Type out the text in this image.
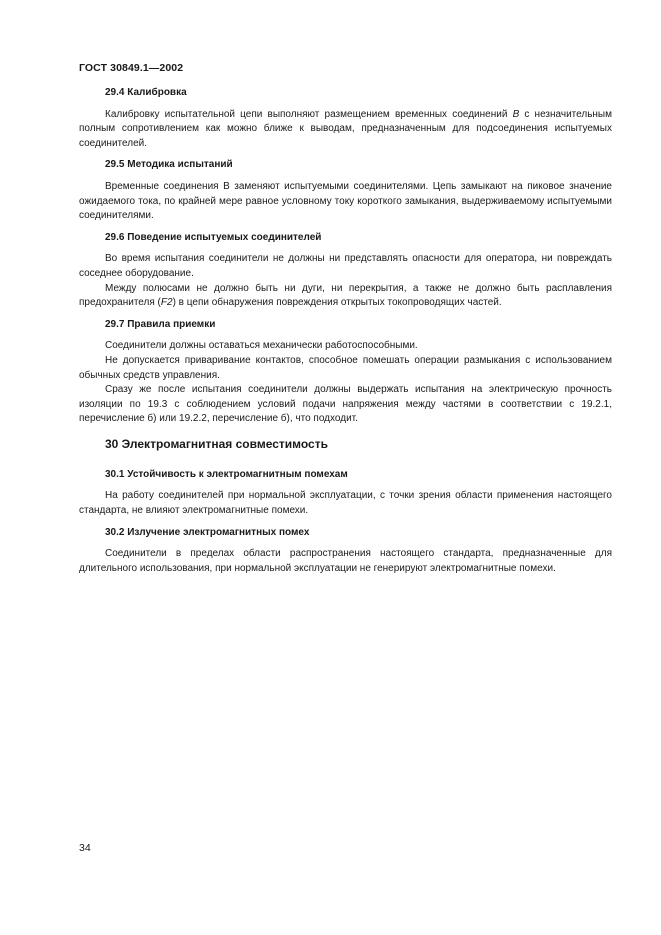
ГОСТ 30849.1—2002
29.4 Калибровка

Калибровку испытательной цепи выполняют размещением временных соединений B с незначительным полным сопротивлением как можно ближе к выводам, предназначенным для подсоединения испытуемых соединителей.

29.5 Методика испытаний

Временные соединения В заменяют испытуемыми соединителями. Цепь замыкают на пиковое значение ожидаемого тока, по крайней мере равное условному току короткого замыкания, выдерживаемому испытуемыми соединителями.

29.6 Поведение испытуемых соединителей

Во время испытания соединители не должны ни представлять опасности для оператора, ни повреждать соседнее оборудование.

Между полюсами не должно быть ни дуги, ни перекрытия, а также не должно быть расплавления предохранителя (F2) в цепи обнаружения повреждения открытых токопроводящих частей.

29.7 Правила приемки

Соединители должны оставаться механически работоспособными.

Не допускается приваривание контактов, способное помешать операции размыкания с использованием обычных средств управления.

Сразу же после испытания соединители должны выдержать испытания на электрическую прочность изоляции по 19.3 с соблюдением условий подачи напряжения между частями в соответствии с 19.2.1, перечисление б) или 19.2.2, перечисление б), что подходит.

30 Электромагнитная совместимость
30.1 Устойчивость к электромагнитным помехам

На работу соединителей при нормальной эксплуатации, с точки зрения области применения настоящего стандарта, не влияют электромагнитные помехи.

30.2 Излучение электромагнитных помех

Соединители в пределах области распространения настоящего стандарта, предназначенные для длительного использования, при нормальной эксплуатации не генерируют электромагнитные помехи.

34
